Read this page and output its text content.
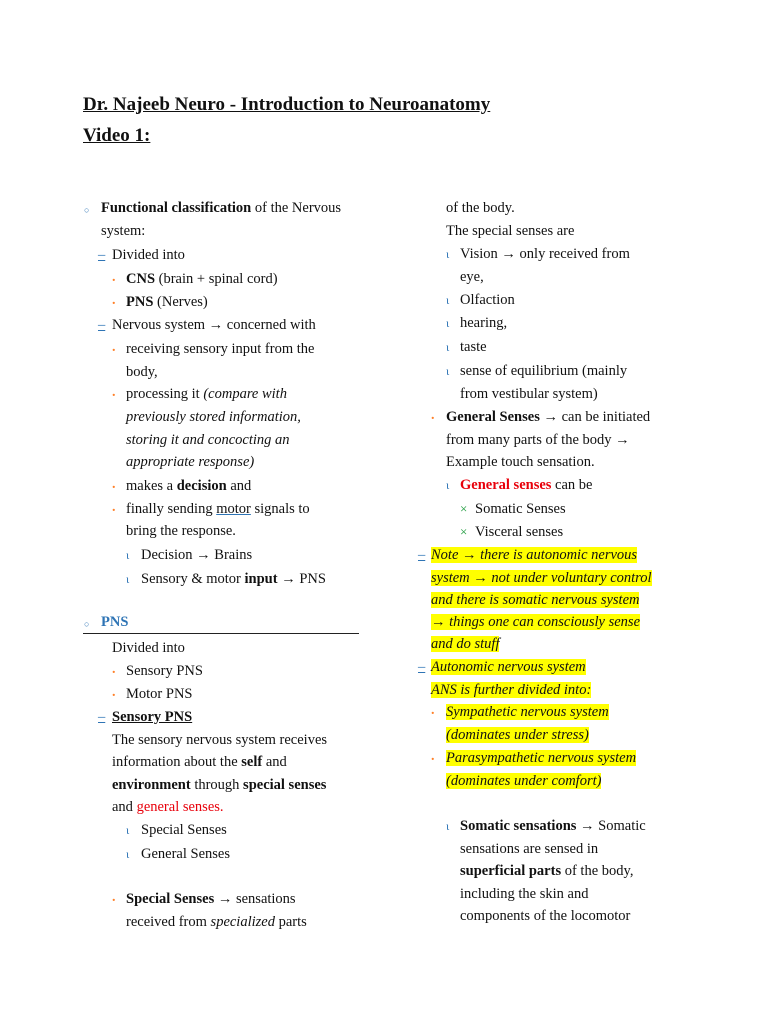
Dr. Najeeb Neuro - Introduction to Neuroanatomy
Video 1:
○ Functional classification of the Nervous
system:
– Divided into
. CNS (brain + spinal cord)
. PNS (Nerves)
– Nervous system → concerned with
. receiving sensory input from the
body,
. processing it (compare with
previously stored information,
storing it and concocting an
appropriate response)
. makes a decision and
. finally sending motor signals to
bring the response.
ι Decision → Brains
ι Sensory & motor input → PNS
○ PNS
Divided into
. Sensory PNS
. Motor PNS
– Sensory PNS
The sensory nervous system receives
information about the self and
environment through special senses
and general senses.
ι Special Senses
ι General Senses
. Special Senses → sensations
received from specialized parts
of the body.
The special senses are
ι Vision → only received from
eye,
ι Olfaction
ι hearing,
ι taste
ι sense of equilibrium (mainly
from vestibular system)
. General Senses → can be initiated
from many parts of the body →
Example touch sensation.
ι General senses can be
× Somatic Senses
× Visceral senses
– Note → there is autonomic nervous
system → not under voluntary control
and there is somatic nervous system
→ things one can consciously sense
and do stuff
– Autonomic nervous system
ANS is further divided into:
. Sympathetic nervous system
(dominates under stress)
. Parasympathetic nervous system
(dominates under comfort)
ι Somatic sensations → Somatic
sensations are sensed in
superficial parts of the body,
including the skin and
components of the locomotor
